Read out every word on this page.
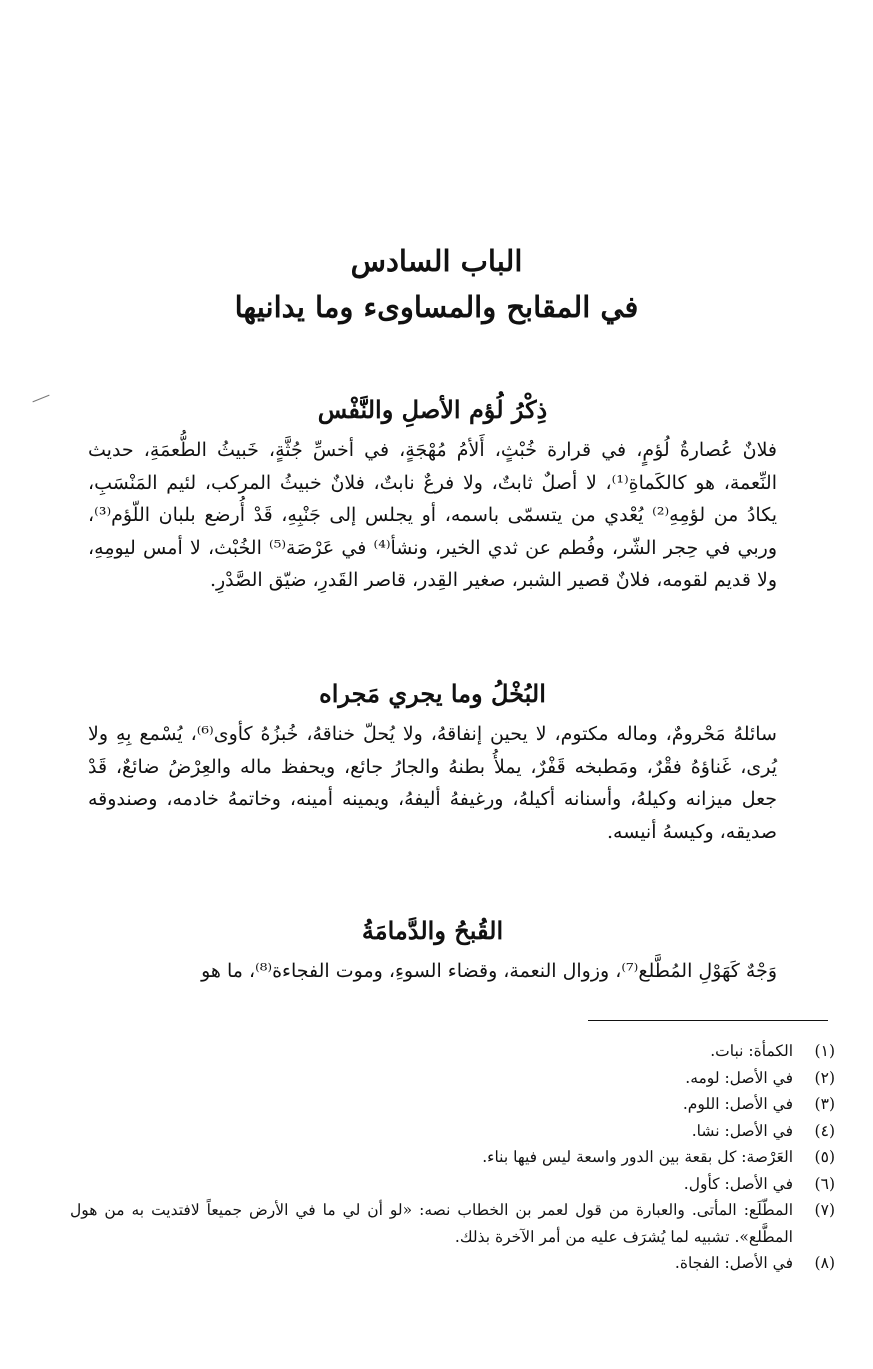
الباب السادس
في المقابح والمساوىء وما يدانيها
ذِكْرُ لُؤم الأصلِ والنَّفْس

فلانٌ عُصارةُ لُؤمٍ، في قرارة خُبْثٍ، أَلأمُ مُهْجَةٍ، في أخسِّ جُثَّةٍ، خَبيثُ الطُّعمَةِ، حديث النِّعمة، هو كالكَماةِ⁽¹⁾، لا أصلٌ ثابتٌ، ولا فرعٌ نابتٌ، فلانٌ خبيثُ المركب، لئيم المَنْسَبِ، يكادُ من لؤمِهِ⁽²⁾ يُعْدي من يتسمّى باسمه، أو يجلس إلى جَنْبِهِ، قَدْ أُرضع بلبان اللّؤم⁽³⁾، وربي في حِجر الشّر، وفُطم عن ثدي الخير، ونشأ⁽⁴⁾ في عَرْصَة⁽⁵⁾ الخُبْث، لا أمس ليومِهِ، ولا قديم لقومه، فلانٌ قصير الشبر، صغير القِدر، قاصر القَدرِ، ضيّق الصَّدْرِ.

البُخْلُ وما يجري مَجراه

سائلهُ مَحْرومٌ، وماله مكتوم، لا يحين إنفاقهُ، ولا يُحلّ خناقهُ، خُبزُهُ كأوى⁽⁶⁾، يُسْمع بِهِ ولا يُرى، غَناؤهُ فقْرٌ، ومَطبخه قَفْرٌ، يملأُ بطنهُ والجارُ جائع، ويحفظ ماله والعِرْضُ ضائعٌ، قَدْ جعل ميزانه وكيلهُ، وأسنانه أكيلهُ، ورغيفهُ أليفهُ، ويمينه أمينه، وخاتمهُ خادمه، وصندوقه صديقه، وكيسهُ أنيسه.

القُبحُ والدَّمامَةُ

وَجْهٌ كَهَوْلِ المُطَّلع⁽⁷⁾، وزوال النعمة، وقضاء السوءِ، وموت الفجاءة⁽⁸⁾، ما هو

(١)
الكمأة: نبات.
(٢)
في الأصل: لومه.
(٣)
في الأصل: اللوم.
(٤)
في الأصل: نشا.
(٥)
العَرْصة: كل بقعة بين الدور واسعة ليس فيها بناء.
(٦)
في الأصل: كأول.
(٧)
المطّلَع: المأتى. والعبارة من قول لعمر بن الخطاب نصه: «لو أن لي ما في الأرض جميعاً لافتديت به من هول المطَّلع». تشبيه لما يُشرَف عليه من أمر الآخرة بذلك.
(٨)
في الأصل: الفجاة.
